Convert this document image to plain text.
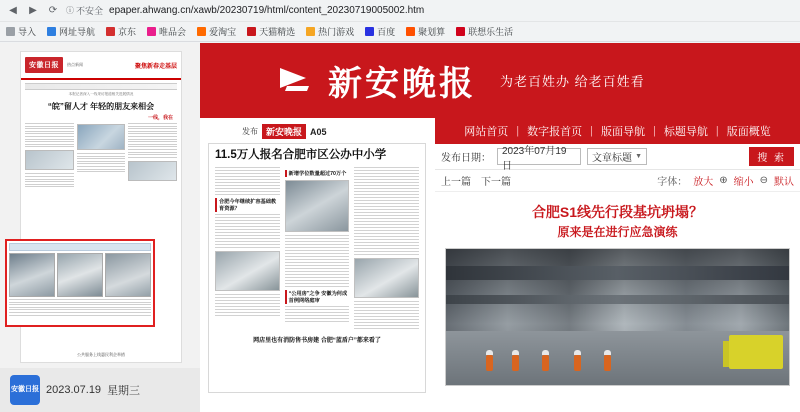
◀	▶	⟳	ⓘ 不安全 epaper.ahwang.cn/xawb/20230719/html/content_20230719005002.htm
导入	网址导航	京东	唯品会	爱淘宝	天猫精选	热门游戏	百度	聚划算	联想乐生活
安徽日报	热点新闻	聚焦新春走基层
本报记者深入一线采访报道相关进展情况
“皖”留人才 年轻的朋友来相会
一线，我在
公共服务上线惠民利企举措
安徽日报 2023.07.19 星期三
新安晚报 为老百姓办 给老百姓看
发布 新安晚报 A05
11.5万人报名合肥市区公办中小学
合肥今年继续扩容基础教育资源？
新增学位数量超过70万个
“公用房”之争 安徽为何成首例网络庭审
网店里也有消防售书房建 合肥“蓝盾户”都来看了
网站首页 | 数字报首页 | 版面导航 | 标题导航 | 版面概览
发布日期：
2023年07月19日
文章标题 ▼	搜 索
上一篇 下一篇	字体： 放大 ⊕ 缩小 ⊖ 默认
合肥S1线先行段基坑坍塌？
原来是在进行应急演练
